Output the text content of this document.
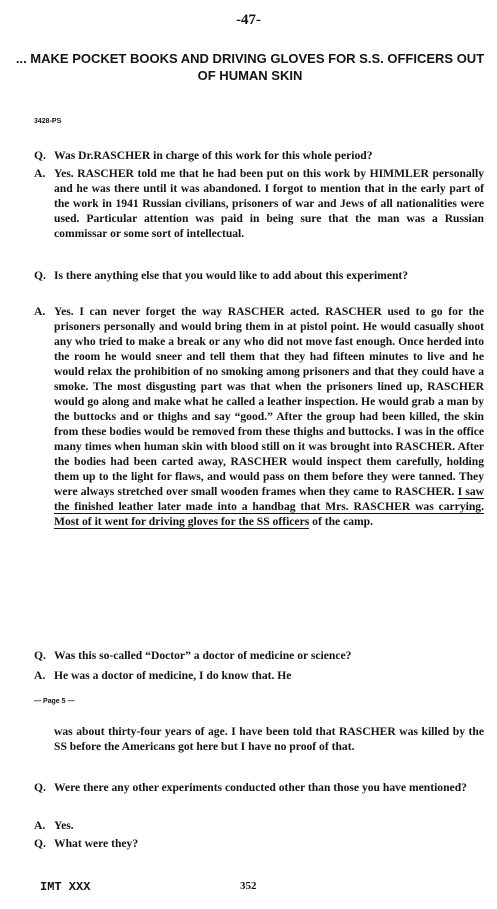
-47-
... MAKE POCKET BOOKS AND DRIVING GLOVES FOR S.S. OFFICERS OUT OF HUMAN SKIN
3428-PS
Q. Was Dr.RASCHER in charge of this work for this whole period?
A. Yes. RASCHER told me that he had been put on this work by HIMMLER personally and he was there until it was abandoned. I forgot to mention that in the early part of the work in 1941 Russian civilians, prisoners of war and Jews of all nationalities were used. Particular attention was paid in being sure that the man was a Russian commissar or some sort of intellectual.
Q. Is there anything else that you would like to add about this experiment?
A. Yes. I can never forget the way RASCHER acted. RASCHER used to go for the prisoners personally and would bring them in at pistol point. He would casually shoot any who tried to make a break or any who did not move fast enough. Once herded into the room he would sneer and tell them that they had fifteen minutes to live and he would relax the prohibition of no smoking among prisoners and that they could have a smoke. The most disgusting part was that when the prisoners lined up, RASCHER would go along and make what he called a leather inspection. He would grab a man by the buttocks and or thighs and say “good.” After the group had been killed, the skin from these bodies would be removed from these thighs and buttocks. I was in the office many times when human skin with blood still on it was brought into RASCHER. After the bodies had been carted away, RASCHER would inspect them carefully, holding them up to the light for flaws, and would pass on them before they were tanned. They were always stretched over small wooden frames when they came to RASCHER. I saw the finished leather later made into a handbag that Mrs. RASCHER was carrying. Most of it went for driving gloves for the SS officers of the camp.
Q. Was this so-called “Doctor” a doctor of medicine or science?
A. He was a doctor of medicine, I do know that. He
— Page 5 —
was about thirty-four years of age. I have been told that RASCHER was killed by the SS before the Americans got here but I have no proof of that.
Q. Were there any other experiments conducted other than those you have mentioned?
A. Yes.
Q. What were they?
IMT XXX	352
